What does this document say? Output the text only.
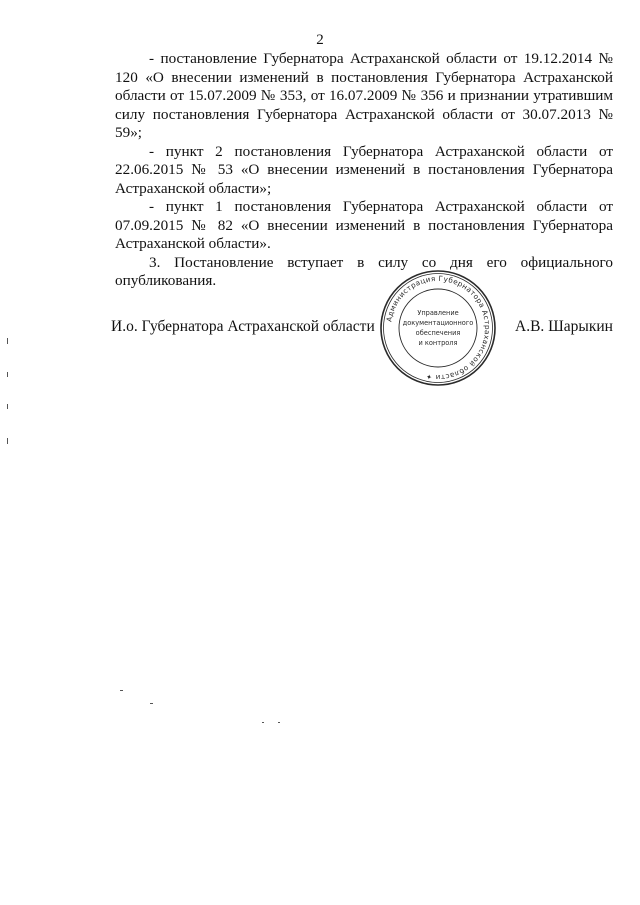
2

- постановление Губернатора Астраханской области от 19.12.2014 № 120 «О внесении изменений в постановления Губернатора Астраханской области от 15.07.2009 № 353, от 16.07.2009 № 356 и признании утратившим силу постановления Губернатора Астраханской области от 30.07.2013 № 59»;

- пункт 2 постановления Губернатора Астраханской области от 22.06.2015 № 53 «О внесении изменений в постановления Губернатора Астраханской области»;

- пункт 1 постановления Губернатора Астраханской области от 07.09.2015 № 82 «О внесении изменений в постановления Губернатора Астраханской области».

3. Постановление вступает в силу со дня его официального опубликования.

И.о. Губернатора Астраханской области Администрация Губернатора Астраханской области ✦
Управление
документационного
обеспечения
и контроля
А.В. Шарыкин
